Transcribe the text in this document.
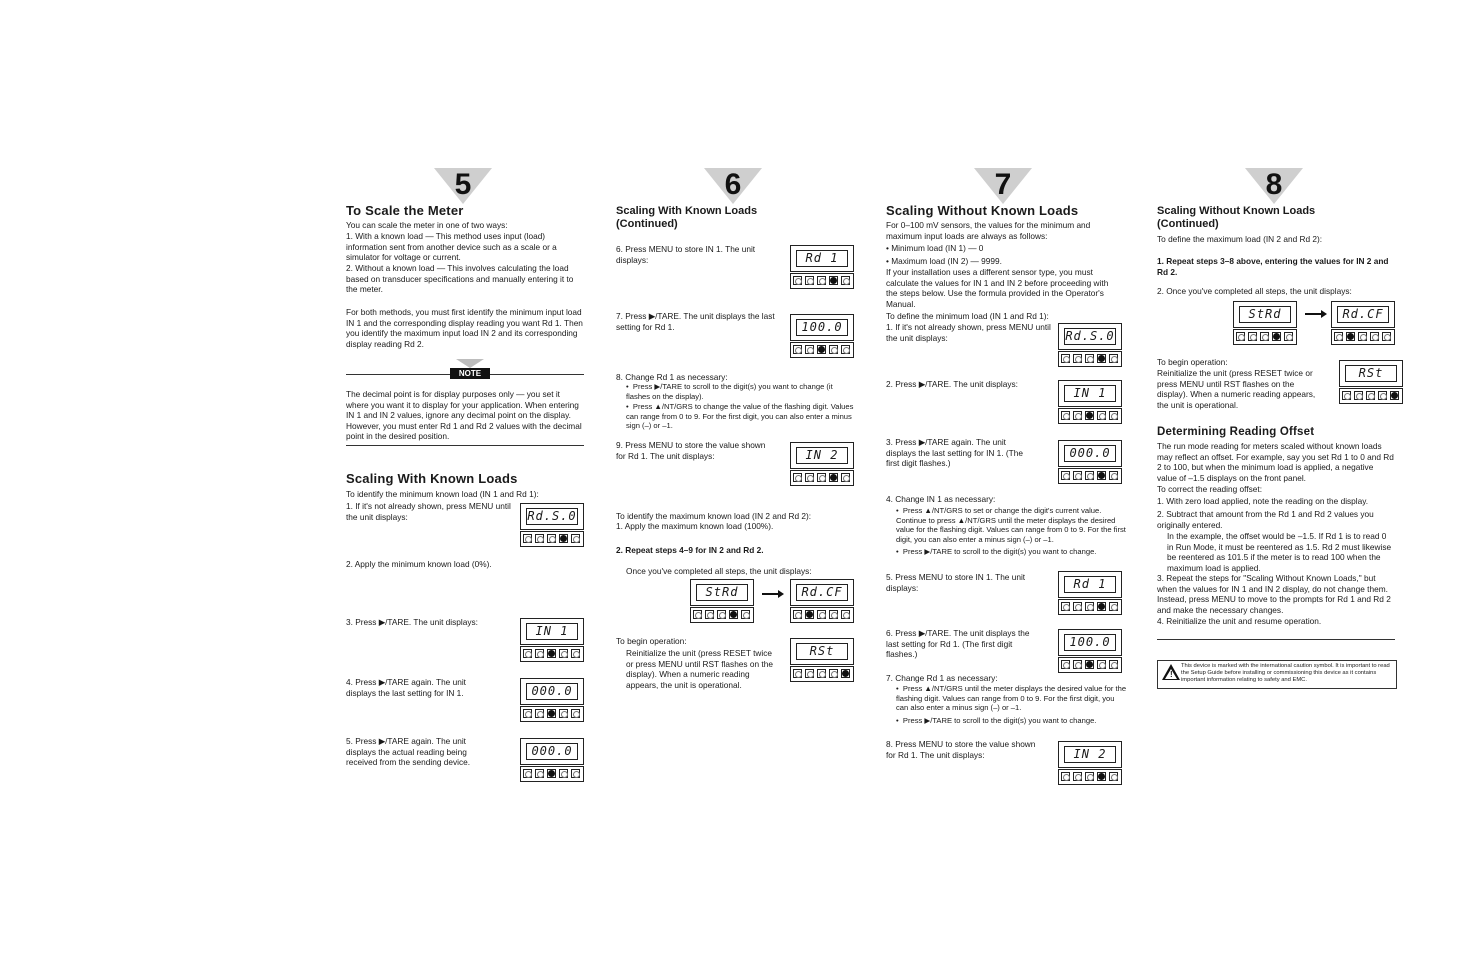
5
To Scale the Meter

You can scale the meter in one of two ways:

1. With a known load — This method uses input (load) information sent from another device such as a scale or a simulator for voltage or current.

2. Without a known load — This involves calculating the load based on transducer specifications and manually entering it to the meter.

For both methods, you must first identify the minimum input load IN 1 and the corresponding display reading you want Rd 1. Then you identify the maximum input load IN 2 and its corresponding display reading Rd 2.

NOTE

The decimal point is for display purposes only — you set it where you want it to display for your application. When entering IN 1 and IN 2 values, ignore any decimal point on the display. However, you must enter Rd 1 and Rd 2 values with the decimal point in the desired position.

Scaling With Known Loads

To identify the minimum known load (IN 1 and Rd 1):

1. If it's not already shown, press MENU until the unit displays:

2. Apply the minimum known load (0%).

3. Press ▶/TARE. The unit displays:

4. Press ▶/TARE again. The unit displays the last setting for IN 1.

5. Press ▶/TARE again. The unit displays the actual reading being received from the sending device.

Rd.S.0
IN 1
000.0
000.0
6
Scaling With Known Loads (Continued)

6. Press MENU to store IN 1. The unit displays:

7. Press ▶/TARE. The unit displays the last setting for Rd 1.

8. Change Rd 1 as necessary:

•  Press ▶/TARE to scroll to the digit(s) you want to change (it flashes on the display).

•  Press ▲/NT/GRS to change the value of the flashing digit. Values can range from 0 to 9. For the first digit, you can also enter a minus sign (–) or –1.

9. Press MENU to store the value shown for Rd 1. The unit displays:

To identify the maximum known load (IN 2 and Rd 2):

1. Apply the maximum known load (100%).

2. Repeat steps 4–9 for IN 2 and Rd 2.

Once you've completed all steps, the unit displays:

To begin operation:

Reinitialize the unit (press RESET twice or press MENU until RST flashes on the display). When a numeric reading appears, the unit is operational.

Rd 1
100.0
IN 2
StRd	Rd.CF
RSt
7
Scaling Without Known Loads

For 0–100 mV sensors, the values for the minimum and maximum input loads are always as follows:

• Minimum load (IN 1) — 0

• Maximum load (IN 2) — 9999.

If your installation uses a different sensor type, you must calculate the values for IN 1 and IN 2 before proceeding with the steps below. Use the formula provided in the Operator's Manual.

To define the minimum load (IN 1 and Rd 1):

1. If it's not already shown, press MENU until the unit displays:

2. Press ▶/TARE. The unit displays:

3. Press ▶/TARE again. The unit displays the last setting for IN 1. (The first digit flashes.)

4. Change IN 1 as necessary:

•  Press ▲/NT/GRS to set or change the digit's current value. Continue to press ▲/NT/GRS until the meter displays the desired value for the flashing digit. Values can range from 0 to 9. For the first digit, you can also enter a minus sign (–) or –1.

•  Press ▶/TARE to scroll to the digit(s) you want to change.

5. Press MENU to store IN 1. The unit displays:

6. Press ▶/TARE. The unit displays the last setting for Rd 1. (The first digit flashes.)

7. Change Rd 1 as necessary:

•  Press ▲/NT/GRS until the meter displays the desired value for the flashing digit. Values can range from 0 to 9. For the first digit, you can also enter a minus sign (–) or –1.

•  Press ▶/TARE to scroll to the digit(s) you want to change.

8. Press MENU to store the value shown for Rd 1. The unit displays:

Rd.S.0
IN 1
000.0
Rd 1
100.0
IN 2
8
Scaling Without Known Loads (Continued)

To define the maximum load (IN 2 and Rd 2):

1. Repeat steps 3–8 above, entering the values for IN 2 and Rd 2.

2. Once you've completed all steps, the unit displays:

StRd	Rd.CF

To begin operation:

Reinitialize the unit (press RESET twice or press MENU until RST flashes on the display). When a numeric reading appears, the unit is operational.

RSt
Determining Reading Offset

The run mode reading for meters scaled without known loads may reflect an offset. For example, say you set Rd 1 to 0 and Rd 2 to 100, but when the minimum load is applied, a negative value of –1.5 displays on the front panel.

To correct the reading offset:

1. With zero load applied, note the reading on the display.

2. Subtract that amount from the Rd 1 and Rd 2 values you originally entered.

In the example, the offset would be –1.5. If Rd 1 is to read 0 in Run Mode, it must be reentered as 1.5. Rd 2 must likewise be reentered as 101.5 if the meter is to read 100 when the maximum load is applied.

3. Repeat the steps for "Scaling Without Known Loads," but when the values for IN 1 and IN 2 display, do not change them. Instead, press MENU to move to the prompts for Rd 1 and Rd 2 and make the necessary changes.

4. Reinitialize the unit and resume operation.

!

This device is marked with the international caution symbol. It is important to read the Setup Guide before installing or commissioning this device as it contains important information relating to safety and EMC.
